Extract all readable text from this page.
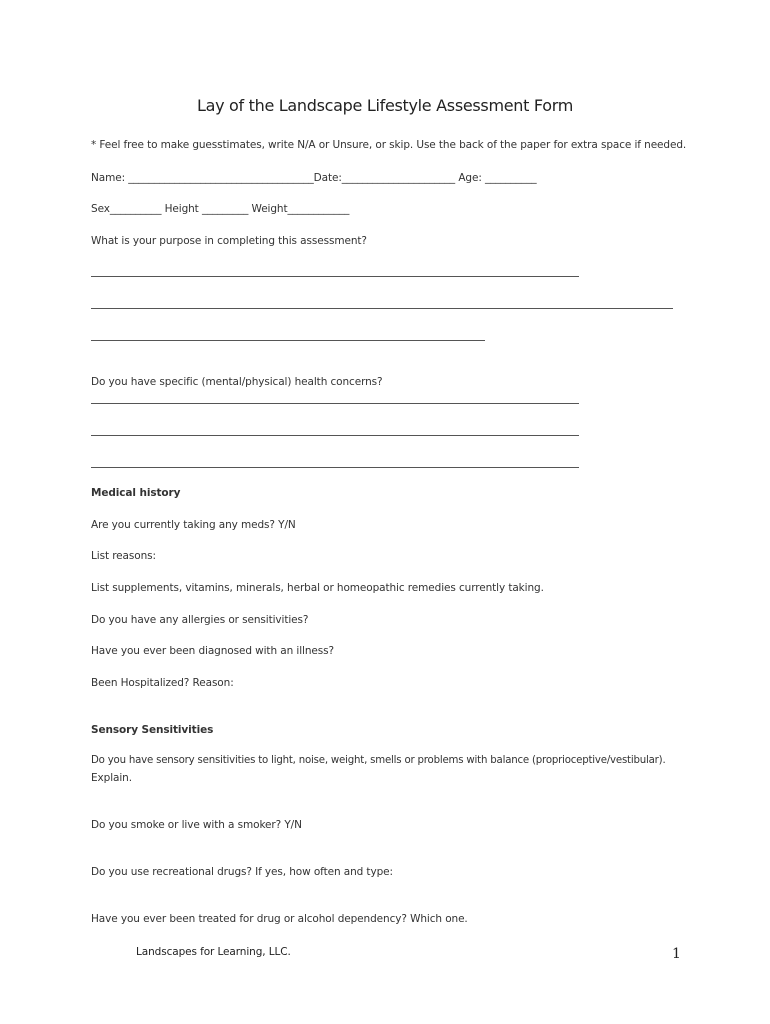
Lay of the Landscape Lifestyle Assessment Form
* Feel free to make guesstimates, write N/A or Unsure, or skip. Use the back of the paper for extra space if needed.
Name: ____________________________________Date:______________________ Age: __________
Sex__________ Height _________ Weight____________
What is your purpose in completing this assessment?
Do you have specific (mental/physical) health concerns?
Medical history
Are you currently taking any meds? Y/N
List reasons:
List supplements, vitamins, minerals, herbal or homeopathic remedies currently taking.
Do you have any allergies or sensitivities?
Have you ever been diagnosed with an illness?
Been Hospitalized? Reason:
Sensory Sensitivities
Do you have sensory sensitivities to light, noise, weight, smells or problems with balance (proprioceptive/vestibular).
Explain.
Do you smoke or live with a smoker? Y/N
Do you use recreational drugs? If yes, how often and type:
Have you ever been treated for drug or alcohol dependency? Which one.
Landscapes for Learning, LLC.	1
